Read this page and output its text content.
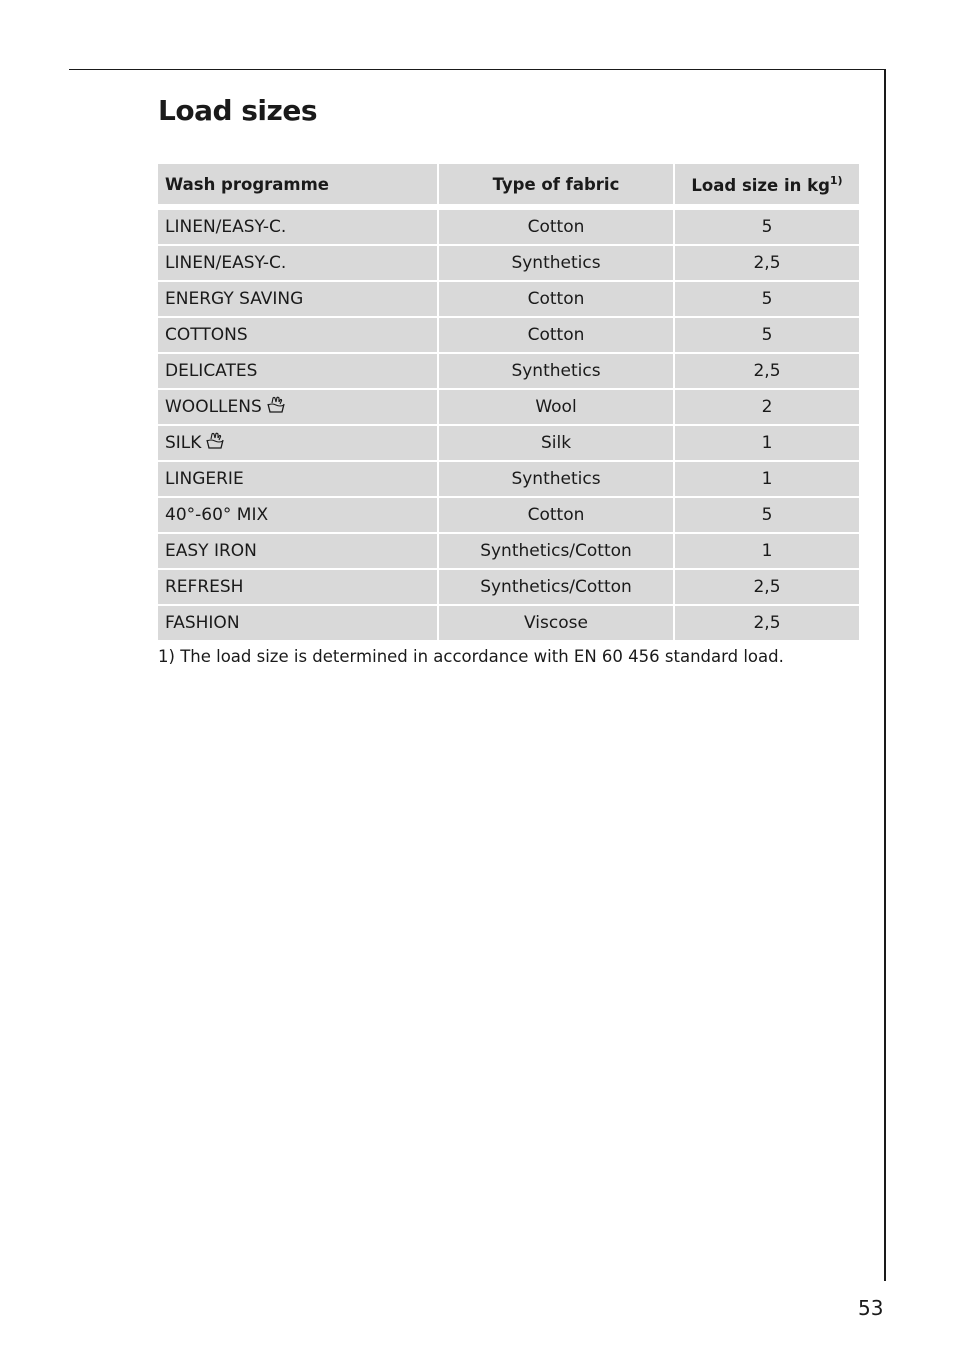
Load sizes
Wash programme	Type of fabric	Load size in $kg^{1)}$
LINEN/EASY-C.	Cotton	5
LINEN/EASY-C.	Synthetics	2,5
ENERGY SAVING	Cotton	5
COTTONS	Cotton	5
DELICATES	Synthetics	2,5
WOOLLENS	Wool	2
SILK	Silk	1
LINGERIE	Synthetics	1
40°-60° MIX	Cotton	5
EASY IRON	Synthetics/Cotton	1
REFRESH	Synthetics/Cotton	2,5
FASHION	Viscose	2,5

1) The load size is determined in accordance with EN 60 456 standard load.

53
